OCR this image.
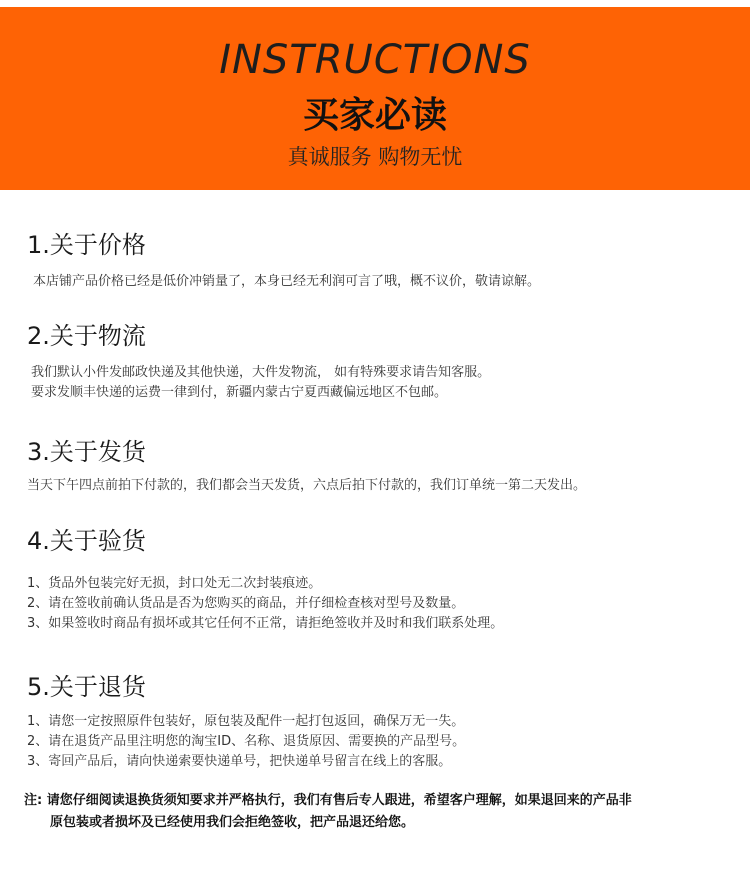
INSTRUCTIONS
买家必读
真诚服务 购物无忧
1.关于价格
本店铺产品价格已经是低价冲销量了，本身已经无利润可言了哦，概不议价，敬请谅解。
2.关于物流
我们默认小件发邮政快递及其他快递，大件发物流， 如有特殊要求请告知客服。
要求发顺丰快递的运费一律到付，新疆内蒙古宁夏西藏偏远地区不包邮。
3.关于发货
当天下午四点前拍下付款的，我们都会当天发货，六点后拍下付款的，我们订单统一第二天发出。
4.关于验货
1、货品外包装完好无损，封口处无二次封装痕迹。
2、请在签收前确认货品是否为您购买的商品，并仔细检查核对型号及数量。
3、如果签收时商品有损坏或其它任何不正常，请拒绝签收并及时和我们联系处理。
5.关于退货
1、请您一定按照原件包装好，原包装及配件一起打包返回，确保万无一失。
2、请在退货产品里注明您的淘宝ID、名称、退货原因、需要换的产品型号。
3、寄回产品后，请向快递索要快递单号，把快递单号留言在线上的客服。
注: 请您仔细阅读退换货须知要求并严格执行，我们有售后专人跟进，希望客户理解，如果退回来的产品非
原包装或者损坏及已经使用我们会拒绝签收，把产品退还给您。
